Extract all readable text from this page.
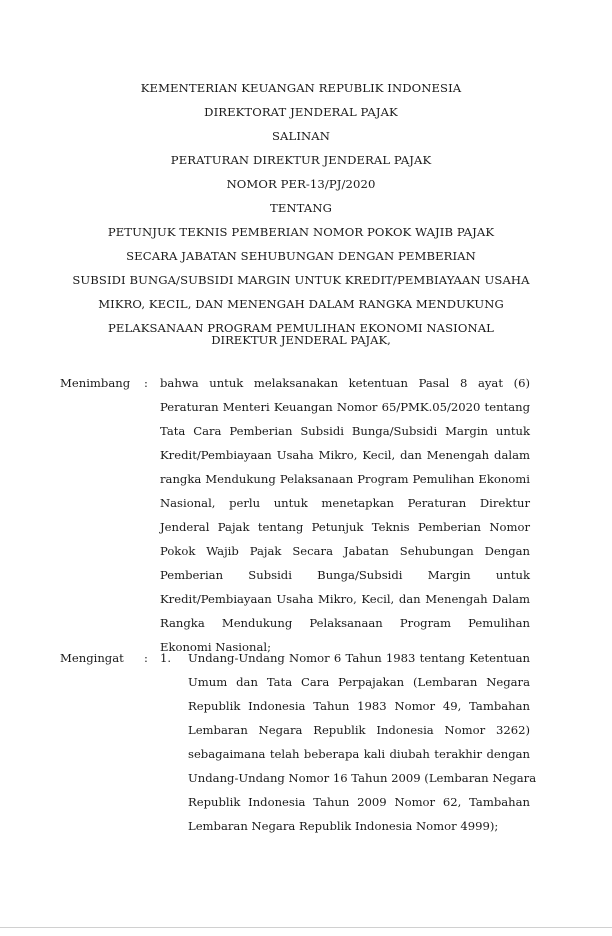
KEMENTERIAN KEUANGAN REPUBLIK INDONESIA
DIREKTORAT JENDERAL PAJAK
SALINAN
PERATURAN DIREKTUR JENDERAL PAJAK
NOMOR PER-13/PJ/2020
TENTANG
PETUNJUK TEKNIS PEMBERIAN NOMOR POKOK WAJIB PAJAK
SECARA JABATAN SEHUBUNGAN DENGAN PEMBERIAN
SUBSIDI BUNGA/SUBSIDI MARGIN UNTUK KREDIT/PEMBIAYAAN USAHA
MIKRO, KECIL, DAN MENENGAH DALAM RANGKA MENDUKUNG
PELAKSANAAN PROGRAM PEMULIHAN EKONOMI NASIONAL
DIREKTUR JENDERAL PAJAK,
Menimbang : bahwa untuk melaksanakan ketentuan Pasal 8 ayat (6)
Peraturan Menteri Keuangan Nomor 65/PMK.05/2020 tentang
Tata Cara Pemberian Subsidi Bunga/Subsidi Margin untuk
Kredit/Pembiayaan Usaha Mikro, Kecil, dan Menengah dalam
rangka Mendukung Pelaksanaan Program Pemulihan Ekonomi
Nasional, perlu untuk menetapkan Peraturan Direktur
Jenderal Pajak tentang Petunjuk Teknis Pemberian Nomor
Pokok Wajib Pajak Secara Jabatan Sehubungan Dengan
Pemberian Subsidi Bunga/Subsidi Margin untuk
Kredit/Pembiayaan Usaha Mikro, Kecil, dan Menengah Dalam
Rangka Mendukung Pelaksanaan Program Pemulihan
Ekonomi Nasional;
Mengingat : 1. Undang-Undang Nomor 6 Tahun 1983 tentang Ketentuan
Umum dan Tata Cara Perpajakan (Lembaran Negara
Republik Indonesia Tahun 1983 Nomor 49, Tambahan
Lembaran Negara Republik Indonesia Nomor 3262)
sebagaimana telah beberapa kali diubah terakhir dengan
Undang-Undang Nomor 16 Tahun 2009 (Lembaran Negara
Republik Indonesia Tahun 2009 Nomor 62, Tambahan
Lembaran Negara Republik Indonesia Nomor 4999);
